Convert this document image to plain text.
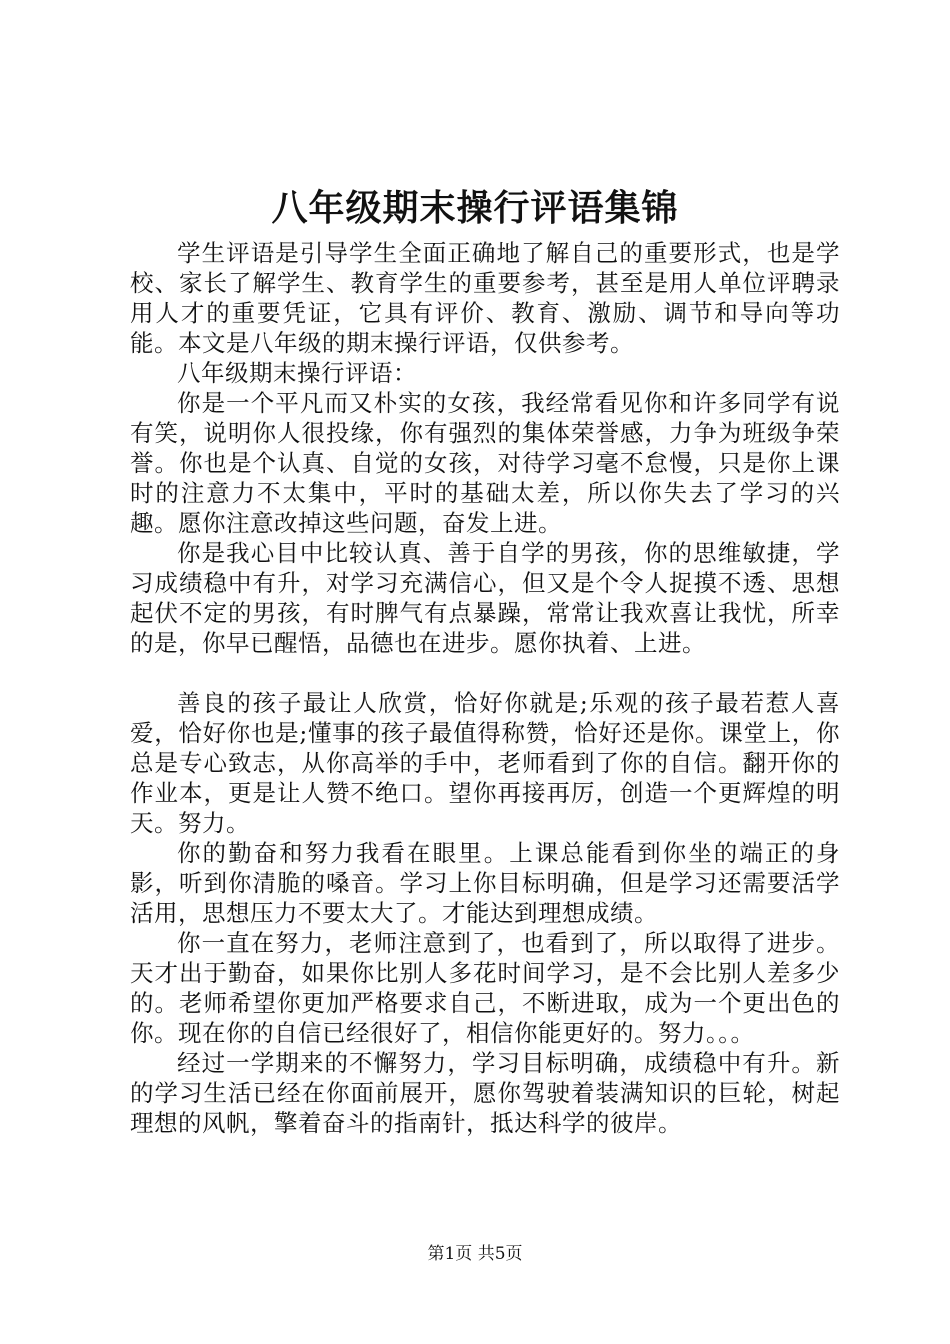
八年级期末操行评语集锦

学生评语是引导学生全面正确地了解自己的重要形式，也是学校、家长了解学生、教育学生的重要参考，甚至是用人单位评聘录用人才的重要凭证，它具有评价、教育、激励、调节和导向等功能。本文是八年级的期末操行评语，仅供参考。

八年级期末操行评语：

你是一个平凡而又朴实的女孩，我经常看见你和许多同学有说有笑，说明你人很投缘，你有强烈的集体荣誉感，力争为班级争荣誉。你也是个认真、自觉的女孩，对待学习毫不怠慢，只是你上课时的注意力不太集中，平时的基础太差，所以你失去了学习的兴趣。愿你注意改掉这些问题，奋发上进。

你是我心目中比较认真、善于自学的男孩，你的思维敏捷，学习成绩稳中有升，对学习充满信心，但又是个令人捉摸不透、思想起伏不定的男孩，有时脾气有点暴躁，常常让我欢喜让我忧，所幸的是，你早已醒悟，品德也在进步。愿你执着、上进。

善良的孩子最让人欣赏，恰好你就是;乐观的孩子最若惹人喜爱，恰好你也是;懂事的孩子最值得称赞，恰好还是你。课堂上，你总是专心致志，从你高举的手中，老师看到了你的自信。翻开你的作业本，更是让人赞不绝口。望你再接再厉，创造一个更辉煌的明天。努力。

你的勤奋和努力我看在眼里。上课总能看到你坐的端正的身影，听到你清脆的嗓音。学习上你目标明确，但是学习还需要活学活用，思想压力不要太大了。才能达到理想成绩。

你一直在努力，老师注意到了，也看到了，所以取得了进步。天才出于勤奋，如果你比别人多花时间学习，是不会比别人差多少的。老师希望你更加严格要求自己，不断进取，成为一个更出色的你。现在你的自信已经很好了，相信你能更好的。努力。。。

经过一学期来的不懈努力，学习目标明确，成绩稳中有升。新的学习生活已经在你面前展开，愿你驾驶着装满知识的巨轮，树起理想的风帆，擎着奋斗的指南针，抵达科学的彼岸。

第1页 共5页
